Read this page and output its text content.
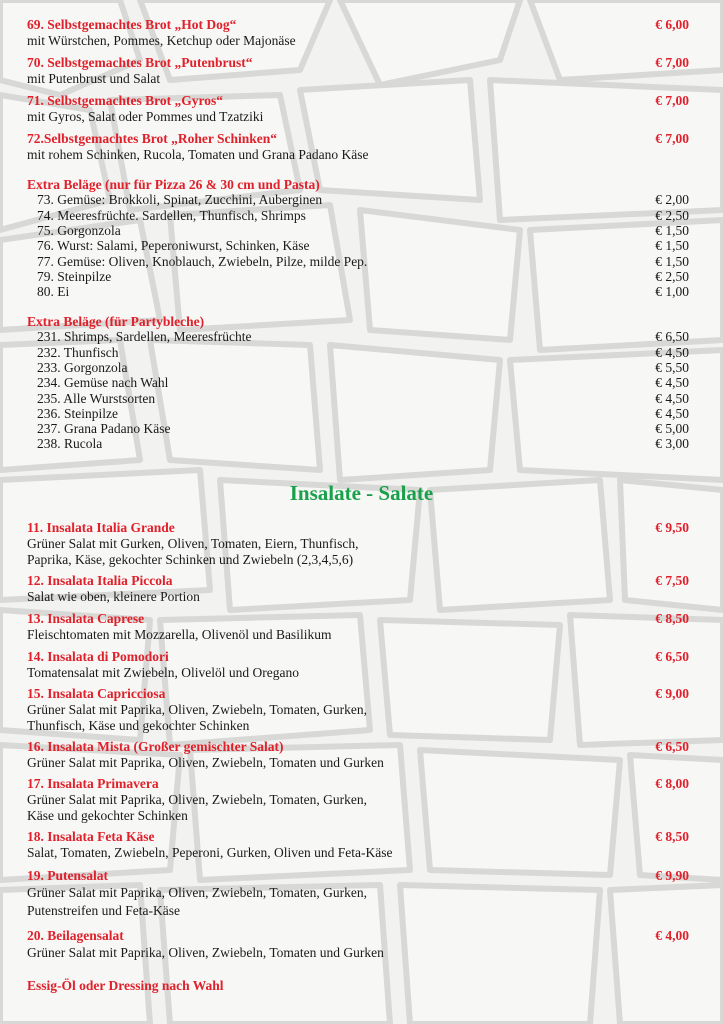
69. Selbstgemachtes Brot „Hot Dog“	€ 6,00
mit Würstchen, Pommes, Ketchup oder Majonäse
70. Selbstgemachtes Brot „Putenbrust“	€ 7,00
mit Putenbrust und Salat
71. Selbstgemachtes Brot „Gyros“	€ 7,00
mit Gyros, Salat oder Pommes und Tzatziki
72.Selbstgemachtes Brot „Roher Schinken“	€ 7,00
mit rohem Schinken, Rucola, Tomaten und Grana Padano Käse
Extra Beläge (nur für Pizza 26 & 30 cm und Pasta)
73. Gemüse: Brokkoli, Spinat, Zucchini, Auberginen	€ 2,00
74. Meeresfrüchte. Sardellen, Thunfisch, Shrimps	€ 2,50
75. Gorgonzola	€ 1,50
76. Wurst: Salami, Peperoniwurst, Schinken, Käse	€ 1,50
77. Gemüse: Oliven, Knoblauch, Zwiebeln, Pilze, milde Pep.	€ 1,50
79. Steinpilze	€ 2,50
80. Ei	€ 1,00
Extra Beläge (für Partybleche)
231. Shrimps, Sardellen, Meeresfrüchte	€ 6,50
232. Thunfisch	€ 4,50
233. Gorgonzola	€ 5,50
234. Gemüse nach Wahl	€ 4,50
235. Alle Wurstsorten	€ 4,50
236. Steinpilze	€ 4,50
237. Grana Padano Käse	€ 5,00
238. Rucola	€ 3,00
Insalate - Salate
11. Insalata Italia Grande	€ 9,50
Grüner Salat mit Gurken, Oliven, Tomaten, Eiern, Thunfisch,
Paprika, Käse, gekochter Schinken und Zwiebeln (2,3,4,5,6)
12. Insalata Italia Piccola	€ 7,50
Salat wie oben, kleinere Portion
13. Insalata Caprese	€ 8,50
Fleischtomaten mit Mozzarella, Olivenöl und Basilikum
14. Insalata di Pomodori	€ 6,50
Tomatensalat mit Zwiebeln, Olivelöl und Oregano
15. Insalata Capricciosa	€ 9,00
Grüner Salat mit Paprika, Oliven, Zwiebeln, Tomaten, Gurken,
Thunfisch, Käse und gekochter Schinken
16. Insalata Mista (Großer gemischter Salat)	€ 6,50
Grüner Salat mit Paprika, Oliven, Zwiebeln, Tomaten und Gurken
17. Insalata Primavera	€ 8,00
Grüner Salat mit Paprika, Oliven, Zwiebeln, Tomaten, Gurken,
Käse und gekochter Schinken
18. Insalata Feta Käse	€ 8,50
Salat, Tomaten, Zwiebeln, Peperoni, Gurken, Oliven und Feta-Käse
19. Putensalat	€ 9,90
Grüner Salat mit Paprika, Oliven, Zwiebeln, Tomaten, Gurken,
Putenstreifen und Feta-Käse
20. Beilagensalat	€ 4,00
Grüner Salat mit Paprika, Oliven, Zwiebeln, Tomaten und Gurken
Essig-Öl oder Dressing nach Wahl
